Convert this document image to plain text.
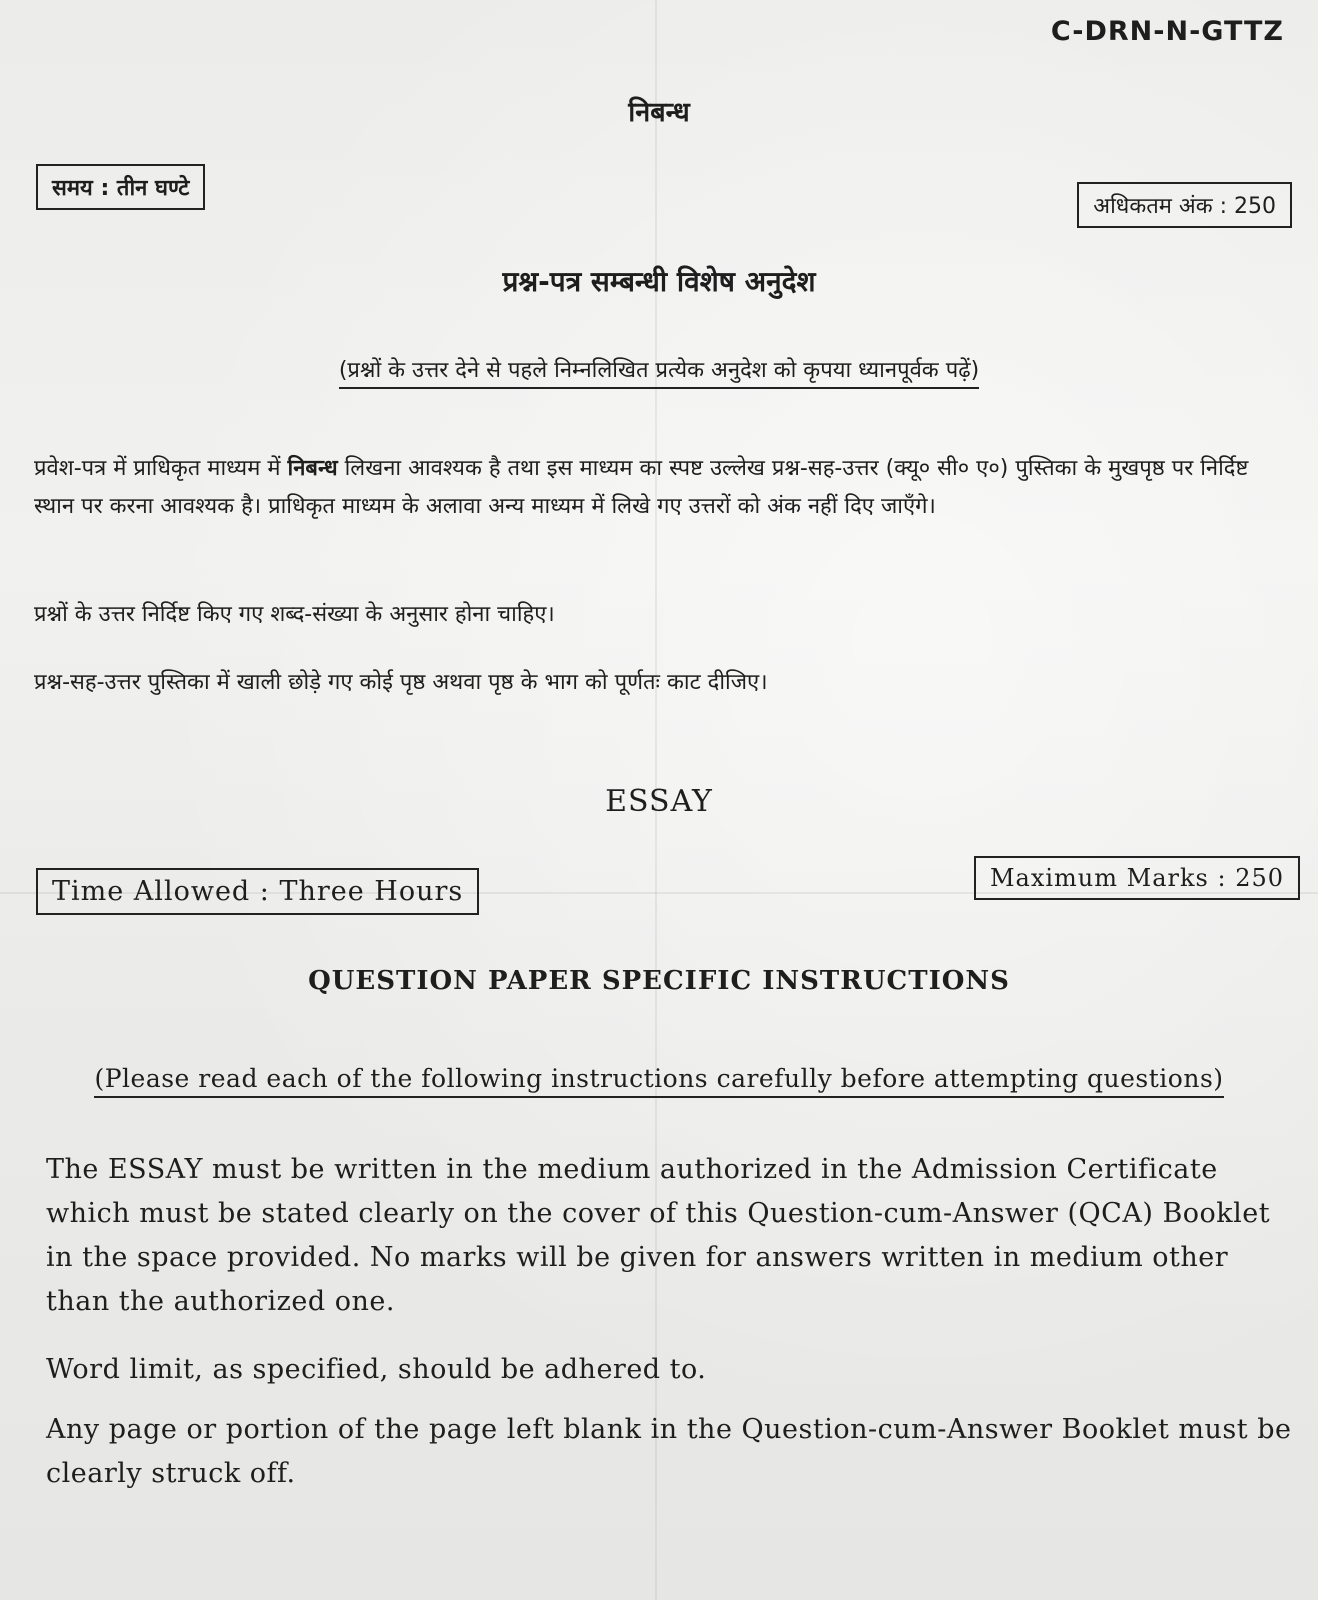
C-DRN-N-GTTZ
निबन्ध
समय : तीन घण्टे
अधिकतम अंक : 250
प्रश्न-पत्र सम्बन्धी विशेष अनुदेश
(प्रश्नों के उत्तर देने से पहले निम्नलिखित प्रत्येक अनुदेश को कृपया ध्यानपूर्वक पढ़ें)
प्रवेश-पत्र में प्राधिकृत माध्यम में निबन्ध लिखना आवश्यक है तथा इस माध्यम का स्पष्ट उल्लेख प्रश्न-सह-उत्तर (क्यू० सी० ए०) पुस्तिका के मुखपृष्ठ पर निर्दिष्ट स्थान पर करना आवश्यक है। प्राधिकृत माध्यम के अलावा अन्य माध्यम में लिखे गए उत्तरों को अंक नहीं दिए जाएँगे।
प्रश्नों के उत्तर निर्दिष्ट किए गए शब्द-संख्या के अनुसार होना चाहिए।
प्रश्न-सह-उत्तर पुस्तिका में खाली छोड़े गए कोई पृष्ठ अथवा पृष्ठ के भाग को पूर्णतः काट दीजिए।
ESSAY
Time Allowed : Three Hours	Maximum Marks : 250
QUESTION PAPER SPECIFIC INSTRUCTIONS
(Please read each of the following instructions carefully before attempting questions)
The ESSAY must be written in the medium authorized in the Admission Certificate which must be stated clearly on the cover of this Question-cum-Answer (QCA) Booklet in the space provided. No marks will be given for answers written in medium other than the authorized one.
Word limit, as specified, should be adhered to.
Any page or portion of the page left blank in the Question-cum-Answer Booklet must be clearly struck off.
